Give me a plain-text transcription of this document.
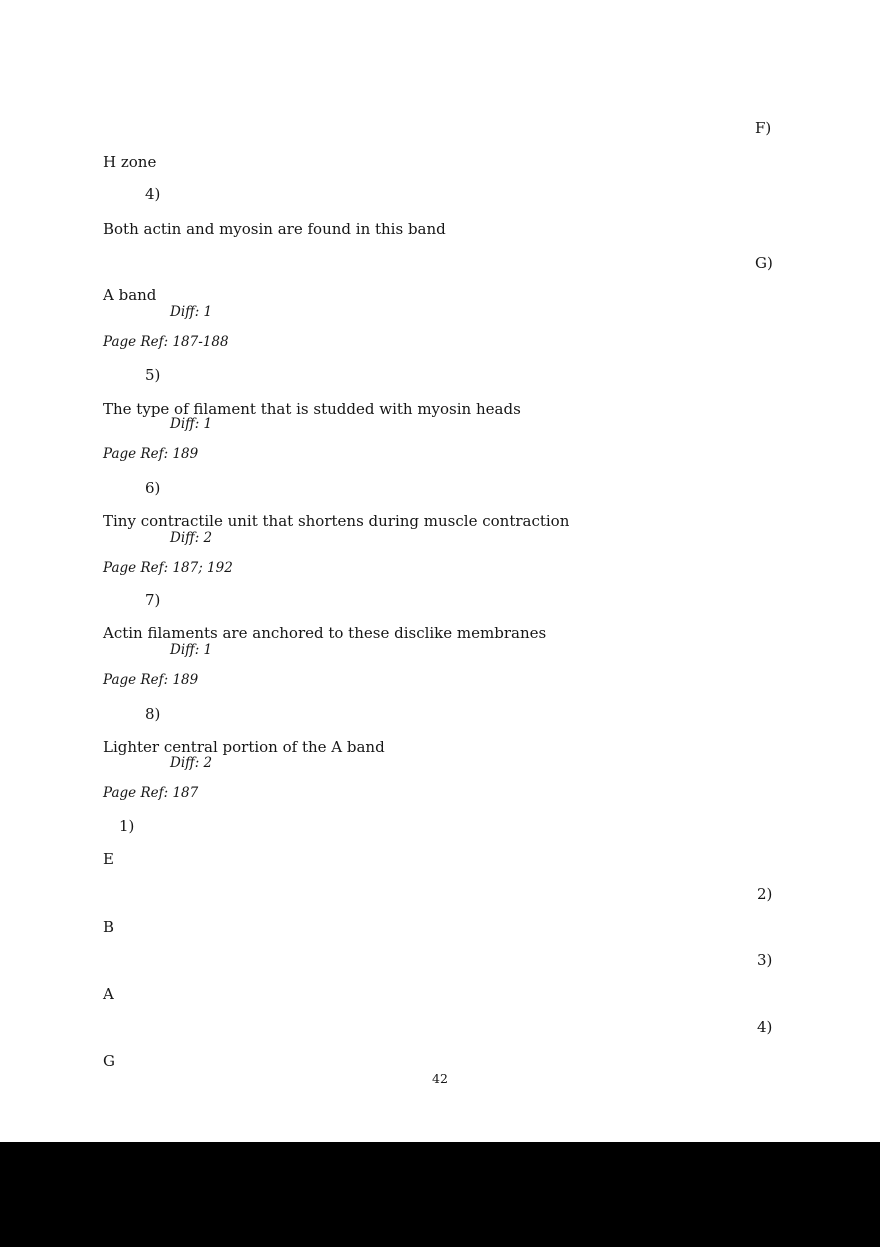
F)
H zone
4)
Both actin and myosin are found in this band
G)
A band
Diff: 1
Page Ref: 187-188
5)
The type of filament that is studded with myosin heads
Diff: 1
Page Ref: 189
6)
Tiny contractile unit that shortens during muscle contraction
Diff: 2
Page Ref: 187; 192
7)
Actin filaments are anchored to these disclike membranes
Diff: 1
Page Ref: 189
8)
Lighter central portion of the A band
Diff: 2
Page Ref: 187
1)
E
2)
B
3)
A
4)
G
42
